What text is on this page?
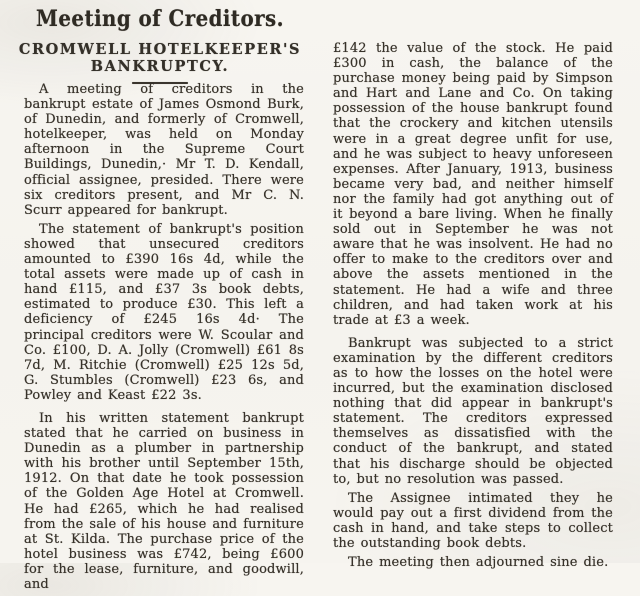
Meeting of Creditors.
CROMWELL HOTELKEEPER'S
BANKRUPTCY.

A meeting of creditors in the bankrupt estate of James Osmond Burk, of Dunedin, and formerly of Cromwell, hotelkeeper, was held on Monday afternoon in the Supreme Court Buildings, Dunedin,· Mr T. D. Kendall, official assignee, presided. There were six creditors present, and Mr C. N. Scurr appeared for bankrupt.

The statement of bankrupt's position showed that unsecured creditors amounted to £390 16s 4d, while the total assets were made up of cash in hand £115, and £37 3s book debts, estimated to produce £30. This left a deficiency of £245 16s 4d· The principal creditors were W. Scoular and Co. £100, D. A. Jolly (Cromwell) £61 8s 7d, M. Ritchie (Cromwell) £25 12s 5d, G. Stumbles (Cromwell) £23 6s, and Powley and Keast £22 3s.

In his written statement bankrupt stated that he carried on business in Dunedin as a plumber in partnership with his brother until September 15th, 1912. On that date he took possession of the Golden Age Hotel at Cromwell. He had £265, which he had realised from the sale of his house and furniture at St. Kilda. The purchase price of the hotel business was £742, being £600 for the lease, furniture, and goodwill, and

£142 the value of the stock. He paid £300 in cash, the balance of the purchase money being paid by Simpson and Hart and Lane and Co. On taking possession of the house bankrupt found that the crockery and kitchen utensils were in a great degree unfit for use, and he was subject to heavy unforeseen expenses. After January, 1913, business became very bad, and neither himself nor the family had got anything out of it beyond a bare living. When he finally sold out in September he was not aware that he was insolvent. He had no offer to make to the creditors over and above the assets mentioned in the statement. He had a wife and three children, and had taken work at his trade at £3 a week.

Bankrupt was subjected to a strict examination by the different creditors as to how the losses on the hotel were incurred, but the examination disclosed nothing that did appear in bankrupt's statement. The creditors expressed themselves as dissatisfied with the conduct of the bankrupt, and stated that his discharge should be objected to, but no resolution was passed.

The Assignee intimated they he would pay out a first dividend from the cash in hand, and take steps to collect the outstanding book debts.

The meeting then adjourned sine die.
